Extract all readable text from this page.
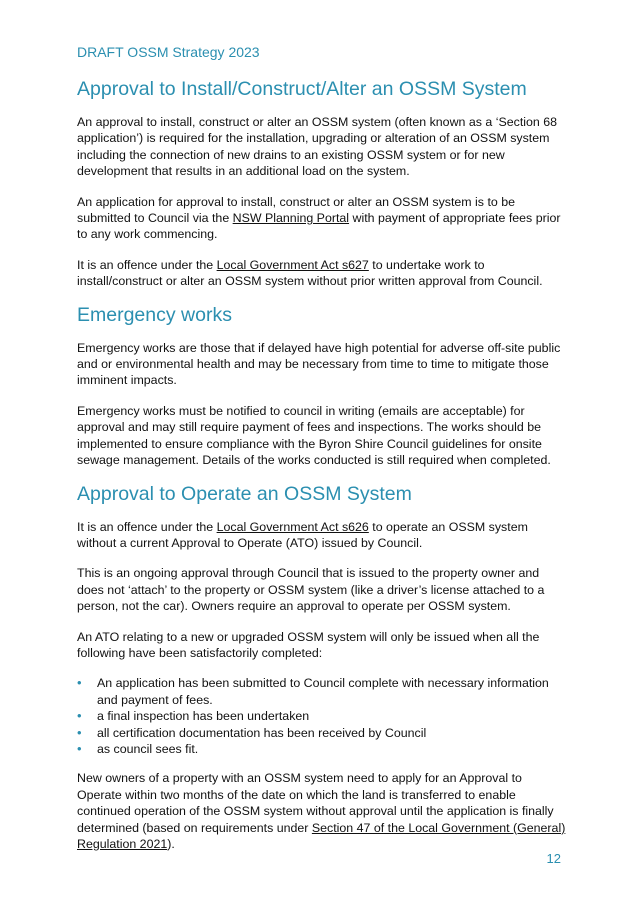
DRAFT OSSM Strategy 2023
Approval to Install/Construct/Alter an OSSM System

An approval to install, construct or alter an OSSM system (often known as a ‘Section 68 application’) is required for the installation, upgrading or alteration of an OSSM system including the connection of new drains to an existing OSSM system or for new development that results in an additional load on the system.

An application for approval to install, construct or alter an OSSM system is to be submitted to Council via the NSW Planning Portal with payment of appropriate fees prior to any work commencing.

It is an offence under the Local Government Act s627 to undertake work to install/construct or alter an OSSM system without prior written approval from Council.

Emergency works

Emergency works are those that if delayed have high potential for adverse off-site public and or environmental health and may be necessary from time to time to mitigate those imminent impacts.

Emergency works must be notified to council in writing (emails are acceptable) for approval and may still require payment of fees and inspections. The works should be implemented to ensure compliance with the Byron Shire Council guidelines for onsite sewage management. Details of the works conducted is still required when completed.

Approval to Operate an OSSM System

It is an offence under the Local Government Act s626 to operate an OSSM system without a current Approval to Operate (ATO) issued by Council.

This is an ongoing approval through Council that is issued to the property owner and does not ‘attach’ to the property or OSSM system (like a driver’s license attached to a person, not the car). Owners require an approval to operate per OSSM system.

An ATO relating to a new or upgraded OSSM system will only be issued when all the following have been satisfactorily completed:

• An application has been submitted to Council complete with necessary information and payment of fees.
• a final inspection has been undertaken
• all certification documentation has been received by Council
• as council sees fit.

New owners of a property with an OSSM system need to apply for an Approval to Operate within two months of the date on which the land is transferred to enable continued operation of the OSSM system without approval until the application is finally determined (based on requirements under Section 47 of the Local Government (General) Regulation 2021).

12
